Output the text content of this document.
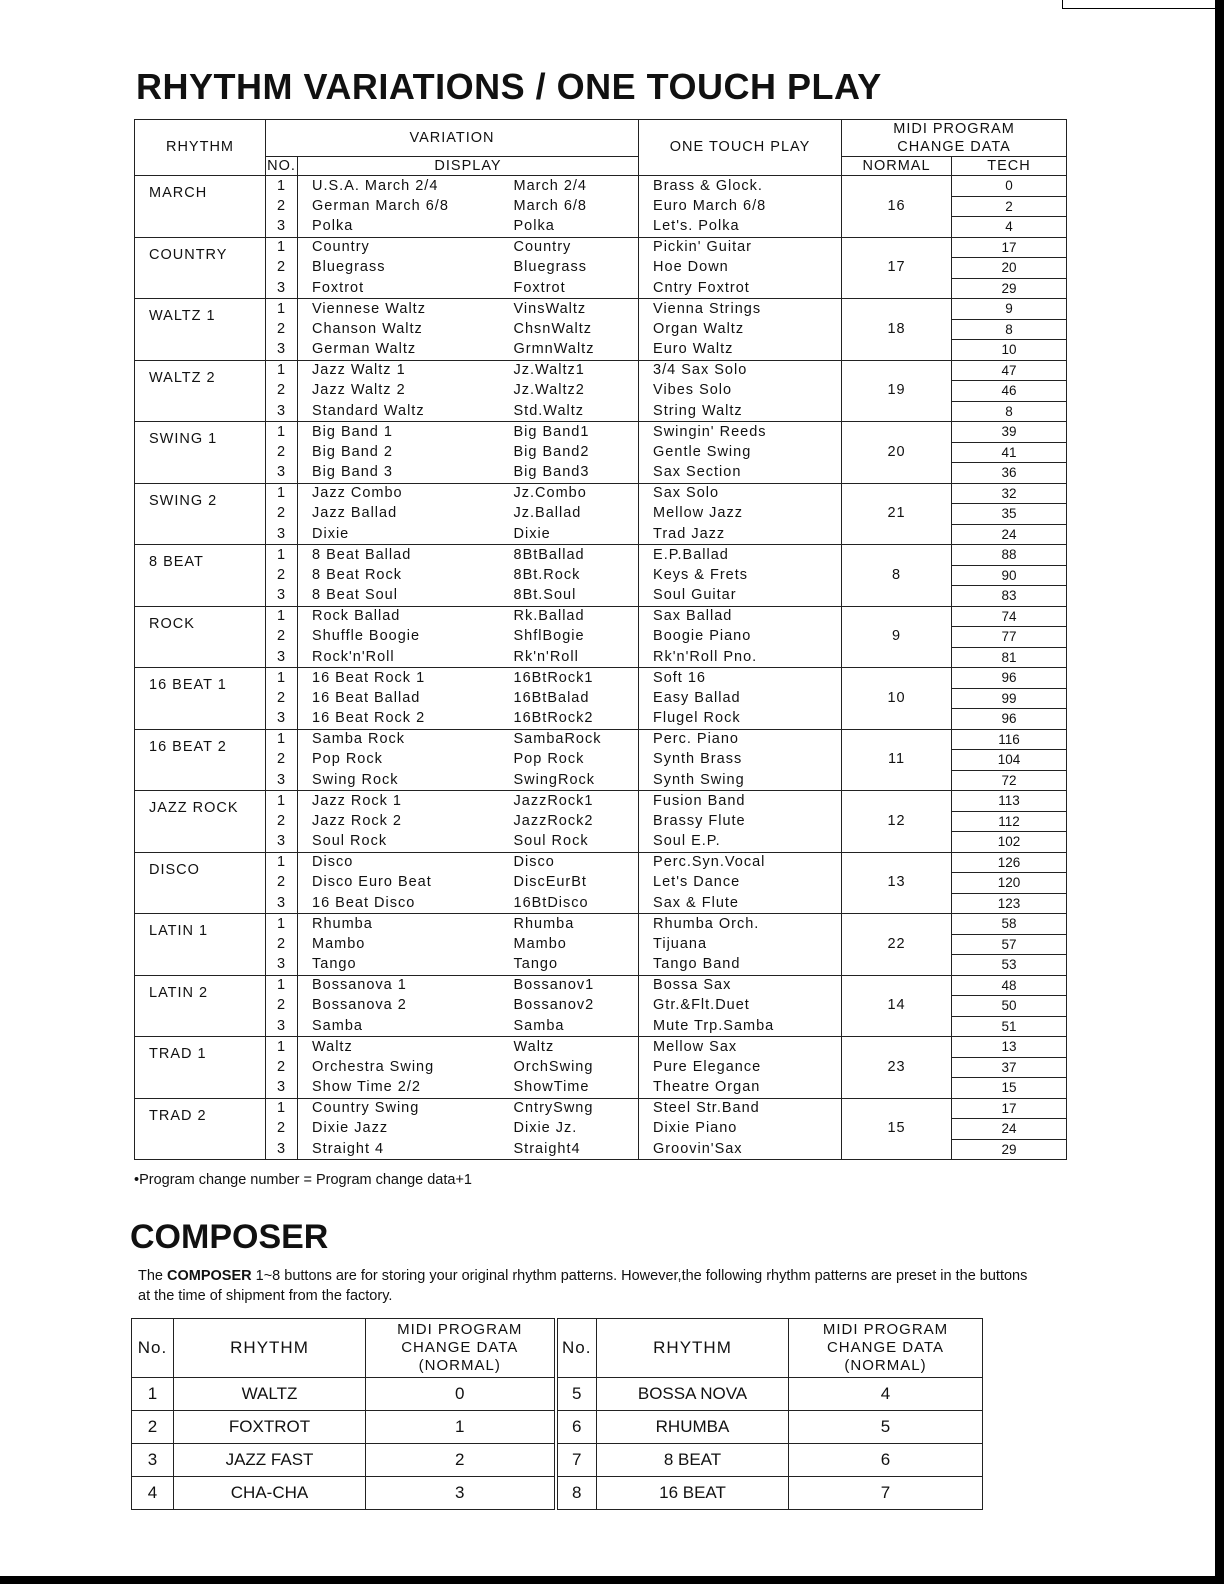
RHYTHM VARIATIONS / ONE TOUCH PLAY
RHYTHM	VARIATION			ONE TOUCH PLAY	MIDI PROGRAM
CHANGE DATA	
	NO.	DISPLAY			NORMAL	TECH
MARCH	1	U.S.A. March 2/4	March 2/4	Brass & Glock.	16	0
	2	German March 6/8	March 6/8	Euro March 6/8		2
	3	Polka	Polka	Let's. Polka		4
COUNTRY	1	Country	Country	Pickin' Guitar	17	17
	2	Bluegrass	Bluegrass	Hoe Down		20
	3	Foxtrot	Foxtrot	Cntry Foxtrot		29
WALTZ 1	1	Viennese Waltz	VinsWaltz	Vienna Strings	18	9
	2	Chanson Waltz	ChsnWaltz	Organ Waltz		8
	3	German Waltz	GrmnWaltz	Euro Waltz		10
WALTZ 2	1	Jazz Waltz 1	Jz.Waltz1	3/4 Sax Solo	19	47
	2	Jazz Waltz 2	Jz.Waltz2	Vibes Solo		46
	3	Standard Waltz	Std.Waltz	String Waltz		8
SWING 1	1	Big Band 1	Big Band1	Swingin' Reeds	20	39
	2	Big Band 2	Big Band2	Gentle Swing		41
	3	Big Band 3	Big Band3	Sax Section		36
SWING 2	1	Jazz Combo	Jz.Combo	Sax Solo	21	32
	2	Jazz Ballad	Jz.Ballad	Mellow Jazz		35
	3	Dixie	Dixie	Trad Jazz		24
8 BEAT	1	8 Beat Ballad	8BtBallad	E.P.Ballad	8	88
	2	8 Beat Rock	8Bt.Rock	Keys & Frets		90
	3	8 Beat Soul	8Bt.Soul	Soul Guitar		83
ROCK	1	Rock Ballad	Rk.Ballad	Sax Ballad	9	74
	2	Shuffle Boogie	ShflBogie	Boogie Piano		77
	3	Rock'n'Roll	Rk'n'Roll	Rk'n'Roll Pno.		81
16 BEAT 1	1	16 Beat Rock 1	16BtRock1	Soft 16	10	96
	2	16 Beat Ballad	16BtBalad	Easy Ballad		99
	3	16 Beat Rock 2	16BtRock2	Flugel Rock		96
16 BEAT 2	1	Samba Rock	SambaRock	Perc. Piano	11	116
	2	Pop Rock	Pop Rock	Synth Brass		104
	3	Swing Rock	SwingRock	Synth Swing		72
JAZZ ROCK	1	Jazz Rock 1	JazzRock1	Fusion Band	12	113
	2	Jazz Rock 2	JazzRock2	Brassy Flute		112
	3	Soul Rock	Soul Rock	Soul E.P.		102
DISCO	1	Disco	Disco	Perc.Syn.Vocal	13	126
	2	Disco Euro Beat	DiscEurBt	Let's Dance		120
	3	16 Beat Disco	16BtDisco	Sax & Flute		123
LATIN 1	1	Rhumba	Rhumba	Rhumba Orch.	22	58
	2	Mambo	Mambo	Tijuana		57
	3	Tango	Tango	Tango Band		53
LATIN 2	1	Bossanova 1	Bossanov1	Bossa Sax	14	48
	2	Bossanova 2	Bossanov2	Gtr.&Flt.Duet		50
	3	Samba	Samba	Mute Trp.Samba		51
TRAD 1	1	Waltz	Waltz	Mellow Sax	23	13
	2	Orchestra Swing	OrchSwing	Pure Elegance		37
	3	Show Time 2/2	ShowTime	Theatre Organ		15
TRAD 2	1	Country Swing	CntrySwng	Steel Str.Band	15	17
	2	Dixie Jazz	Dixie Jz.	Dixie Piano		24
	3	Straight 4	Straight4	Groovin'Sax		29

•Program change number = Program change data+1

COMPOSER

The COMPOSER 1~8 buttons are for storing your original rhythm patterns. However,the following rhythm patterns are preset in the buttons at the time of shipment from the factory.

No.	RHYTHM	MIDI PROGRAM
CHANGE DATA
(NORMAL)	No.	RHYTHM	MIDI PROGRAM
CHANGE DATA
(NORMAL)
1	WALTZ	0	5	BOSSA NOVA	4
2	FOXTROT	1	6	RHUMBA	5
3	JAZZ FAST	2	7	8 BEAT	6
4	CHA-CHA	3	8	16 BEAT	7
